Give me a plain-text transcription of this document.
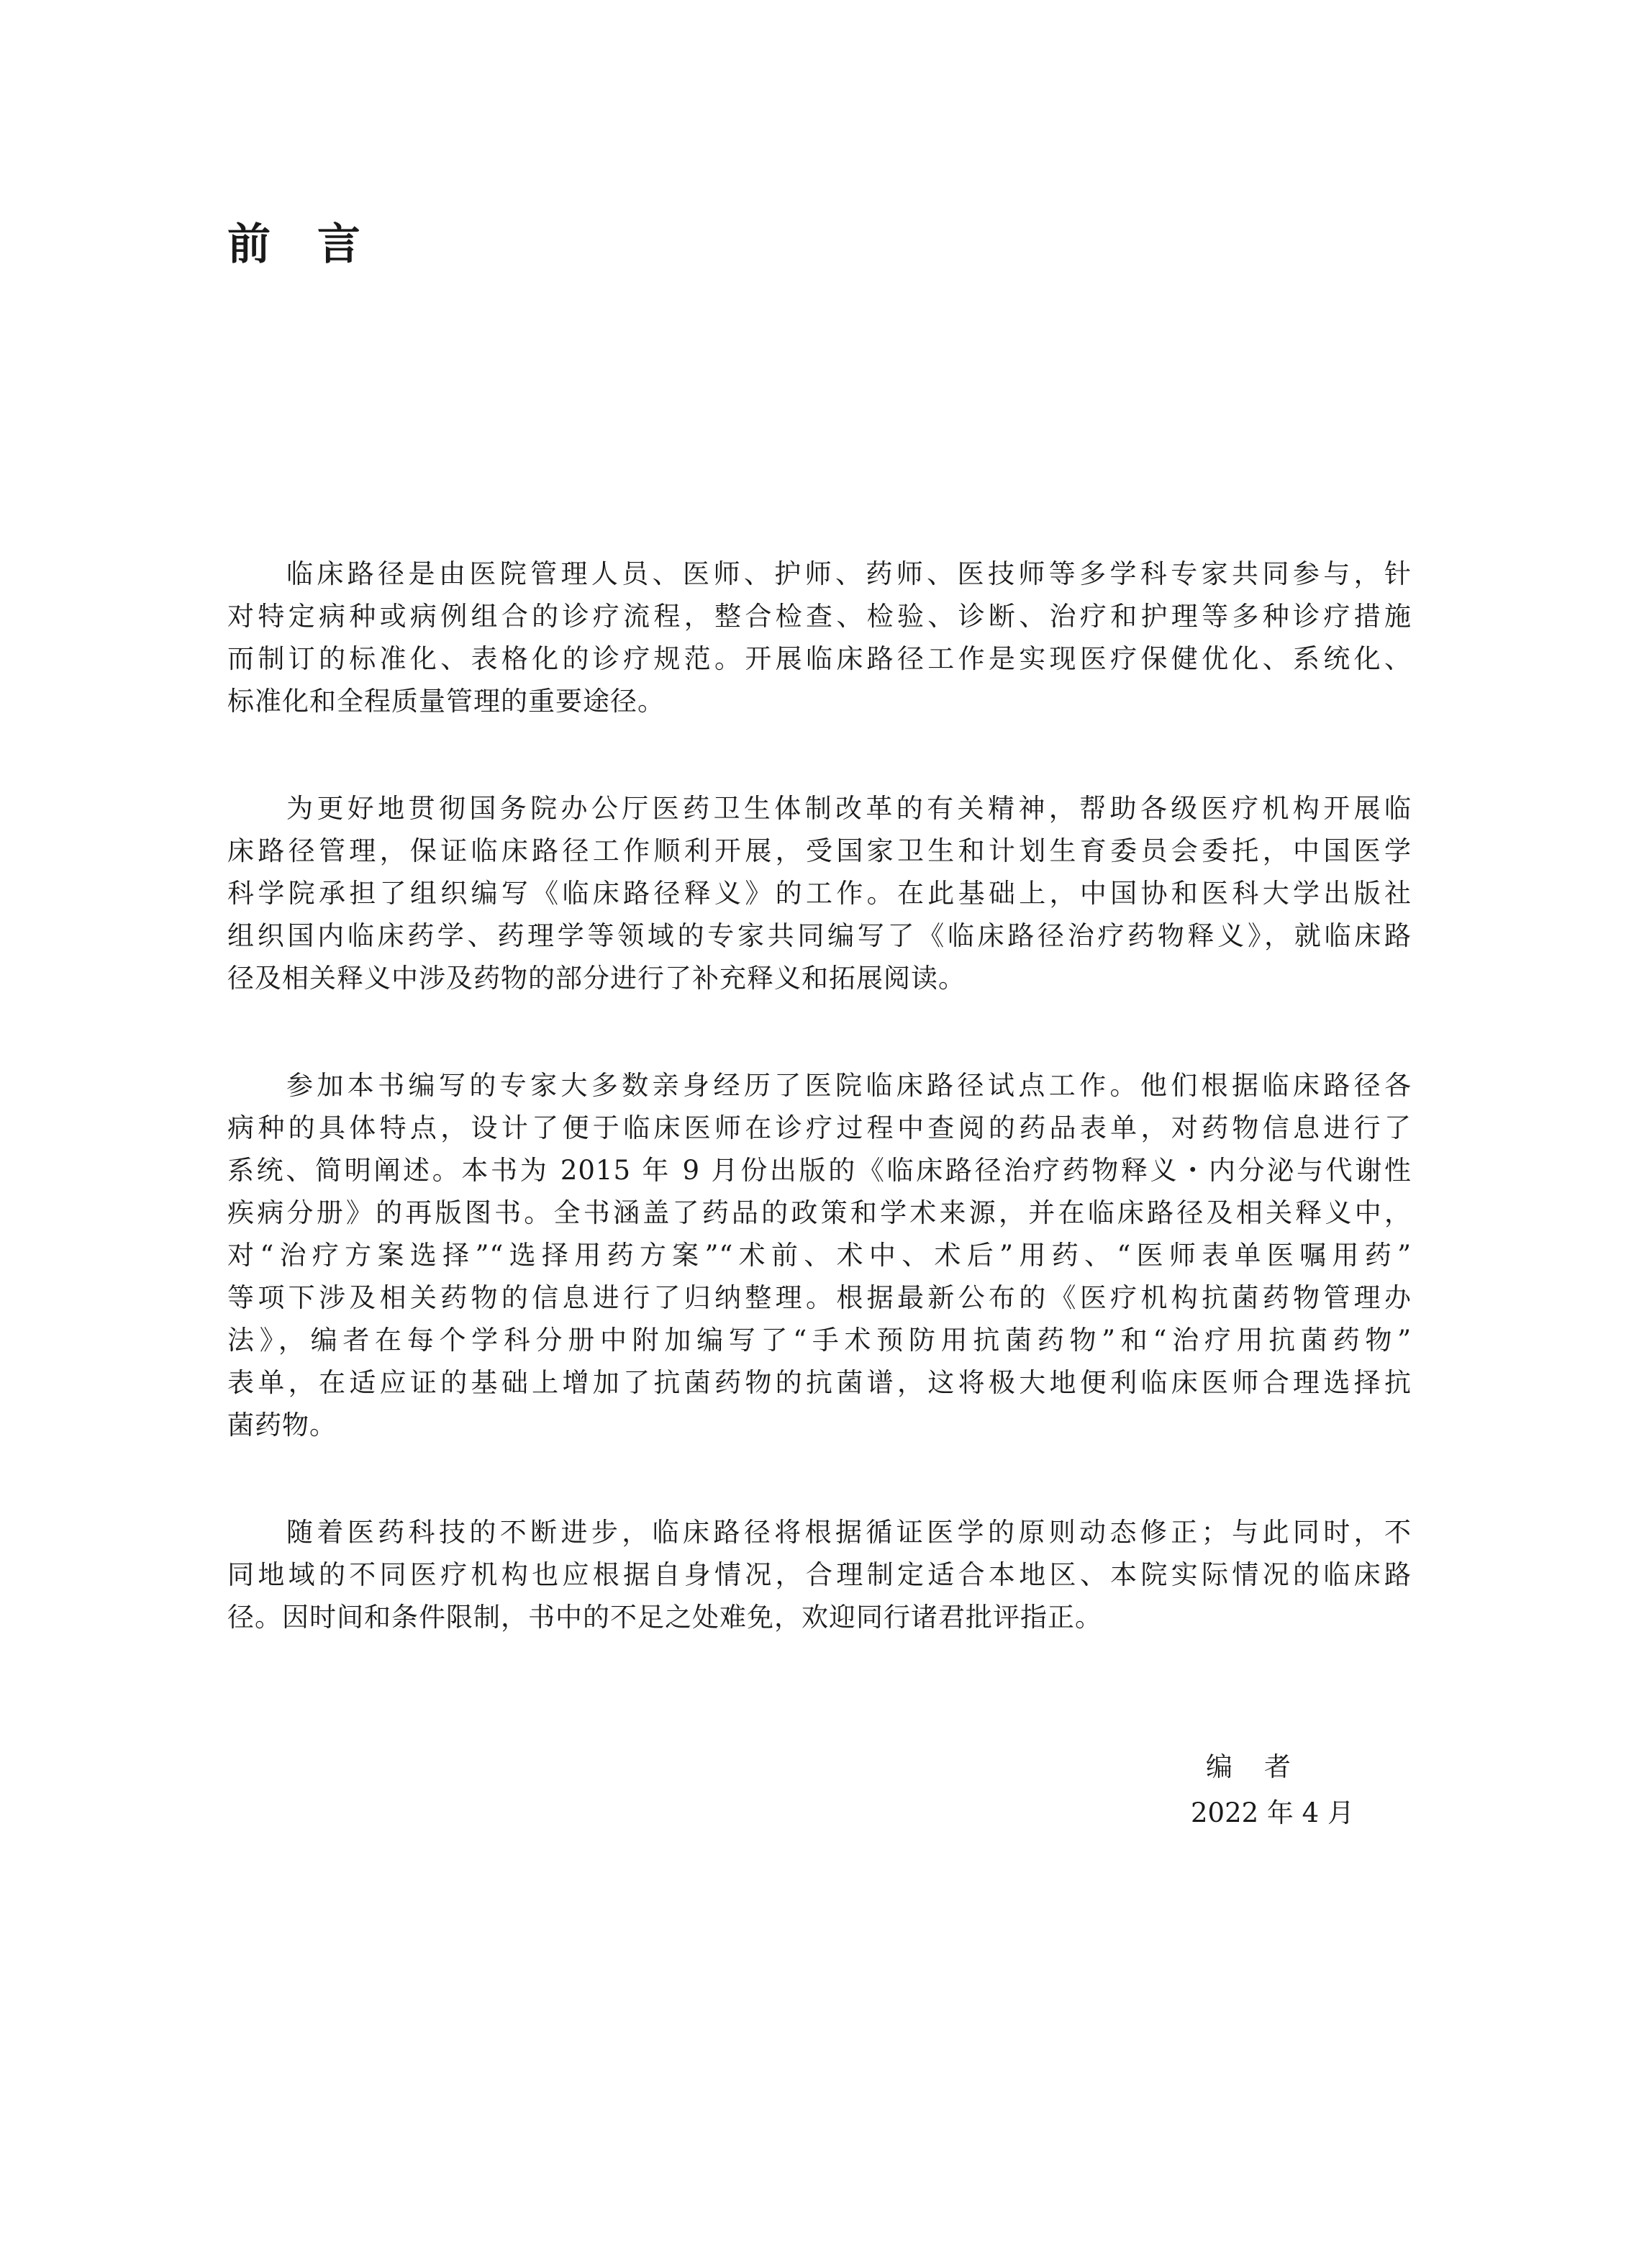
前 言

临床路径是由医院管理人员、医师、护师、药师、医技师等多学科专家共同参与，针
对特定病种或病例组合的诊疗流程，整合检查、检验、诊断、治疗和护理等多种诊疗措施
而制订的标准化、表格化的诊疗规范。开展临床路径工作是实现医疗保健优化、系统化、
标准化和全程质量管理的重要途径。

为更好地贯彻国务院办公厅医药卫生体制改革的有关精神，帮助各级医疗机构开展临
床路径管理，保证临床路径工作顺利开展，受国家卫生和计划生育委员会委托，中国医学
科学院承担了组织编写《临床路径释义》的工作。在此基础上，中国协和医科大学出版社
组织国内临床药学、药理学等领域的专家共同编写了《临床路径治疗药物释义》，就临床路
径及相关释义中涉及药物的部分进行了补充释义和拓展阅读。

参加本书编写的专家大多数亲身经历了医院临床路径试点工作。他们根据临床路径各
病种的具体特点，设计了便于临床医师在诊疗过程中查阅的药品表单，对药物信息进行了
系统、简明阐述。本书为 2015 年 9 月份出版的《临床路径治疗药物释义・内分泌与代谢性
疾病分册》的再版图书。全书涵盖了药品的政策和学术来源，并在临床路径及相关释义中，
对“治疗方案选择”“选择用药方案”“术前、术中、术后”用药、“医师表单医嘱用药”
等项下涉及相关药物的信息进行了归纳整理。根据最新公布的《医疗机构抗菌药物管理办
法》，编者在每个学科分册中附加编写了“手术预防用抗菌药物”和“治疗用抗菌药物”
表单，在适应证的基础上增加了抗菌药物的抗菌谱，这将极大地便利临床医师合理选择抗
菌药物。

随着医药科技的不断进步，临床路径将根据循证医学的原则动态修正；与此同时，不
同地域的不同医疗机构也应根据自身情况，合理制定适合本地区、本院实际情况的临床路
径。因时间和条件限制，书中的不足之处难免，欢迎同行诸君批评指正。

编者
2022 年 4 月
